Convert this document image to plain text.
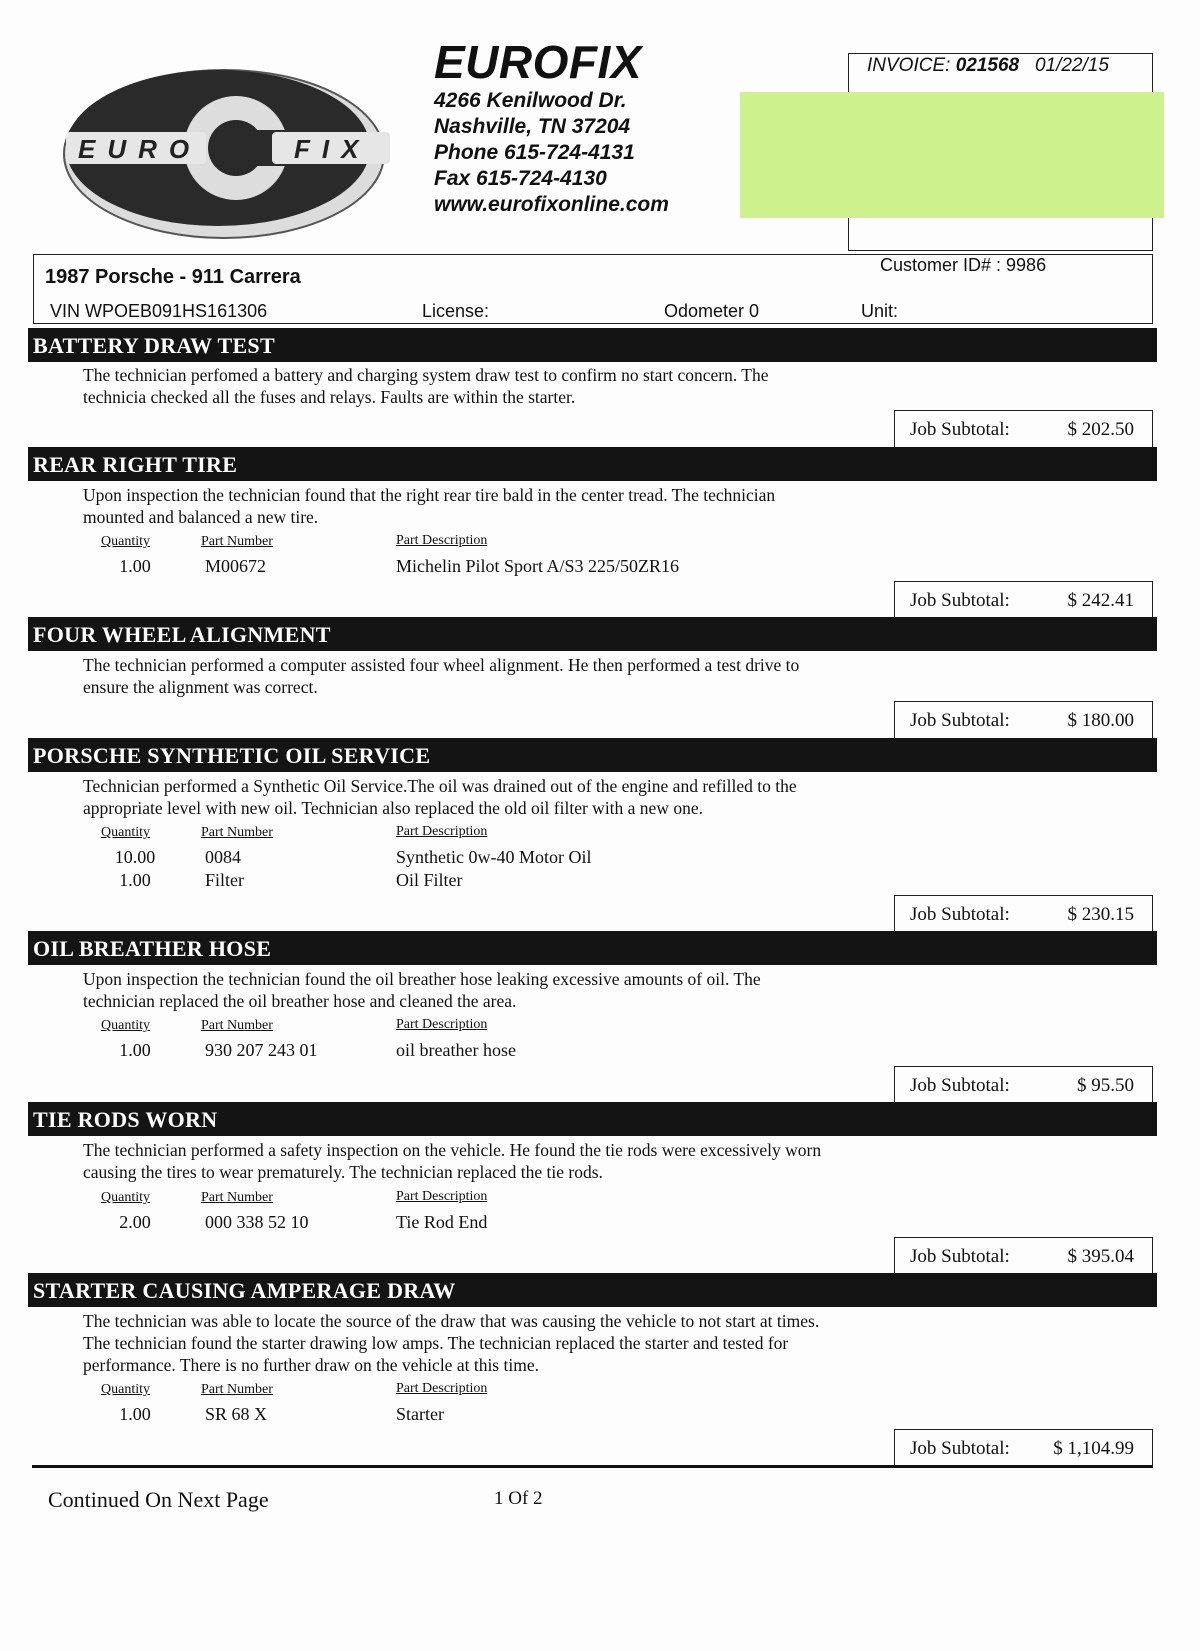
EURO	FIX
EUROFIX
4266 Kenilwood Dr.
Nashville, TN 37204
Phone 615-724-4131
Fax 615-724-4130
www.eurofixonline.com
INVOICE: 021568 01/22/15
1987 Porsche - 911 Carrera
Customer ID# : 9986
VIN WPOEB091HS161306	License:	Odometer 0	Unit:
BATTERY DRAW TEST
The technician perfomed a battery and charging system draw test to confirm no start concern. The
technicia checked all the fuses and relays. Faults are within the starter.
Job Subtotal:	$ 202.50
REAR RIGHT TIRE
Upon inspection the technician found that the right rear tire bald in the center tread. The technician
mounted and balanced a new tire.
Quantity	Part Number	Part Description
1.00	M00672	Michelin Pilot Sport A/S3 225/50ZR16
Job Subtotal:	$ 242.41
FOUR WHEEL ALIGNMENT
The technician performed a computer assisted four wheel alignment. He then performed a test drive to
ensure the alignment was correct.
Job Subtotal:	$ 180.00
PORSCHE SYNTHETIC OIL SERVICE
Technician performed a Synthetic Oil Service.The oil was drained out of the engine and refilled to the
appropriate level with new oil. Technician also replaced the old oil filter with a new one.
Quantity	Part Number	Part Description
10.00	0084	Synthetic 0w-40 Motor Oil
1.00	Filter	Oil Filter
Job Subtotal:	$ 230.15
OIL BREATHER HOSE
Upon inspection the technician found the oil breather hose leaking excessive amounts of oil. The
technician replaced the oil breather hose and cleaned the area.
Quantity	Part Number	Part Description
1.00	930 207 243 01	oil breather hose
Job Subtotal:	$ 95.50
TIE RODS WORN
The technician performed a safety inspection on the vehicle. He found the tie rods were excessively worn
causing the tires to wear prematurely. The technician replaced the tie rods.
Quantity	Part Number	Part Description
2.00	000 338 52 10	Tie Rod End
Job Subtotal:	$ 395.04
STARTER CAUSING AMPERAGE DRAW
The technician was able to locate the source of the draw that was causing the vehicle to not start at times.
The technician found the starter drawing low amps. The technician replaced the starter and tested for
performance. There is no further draw on the vehicle at this time.
Quantity	Part Number	Part Description
1.00	SR 68 X	Starter
Job Subtotal: $ 1,104.99
Continued On Next Page	1 Of 2
